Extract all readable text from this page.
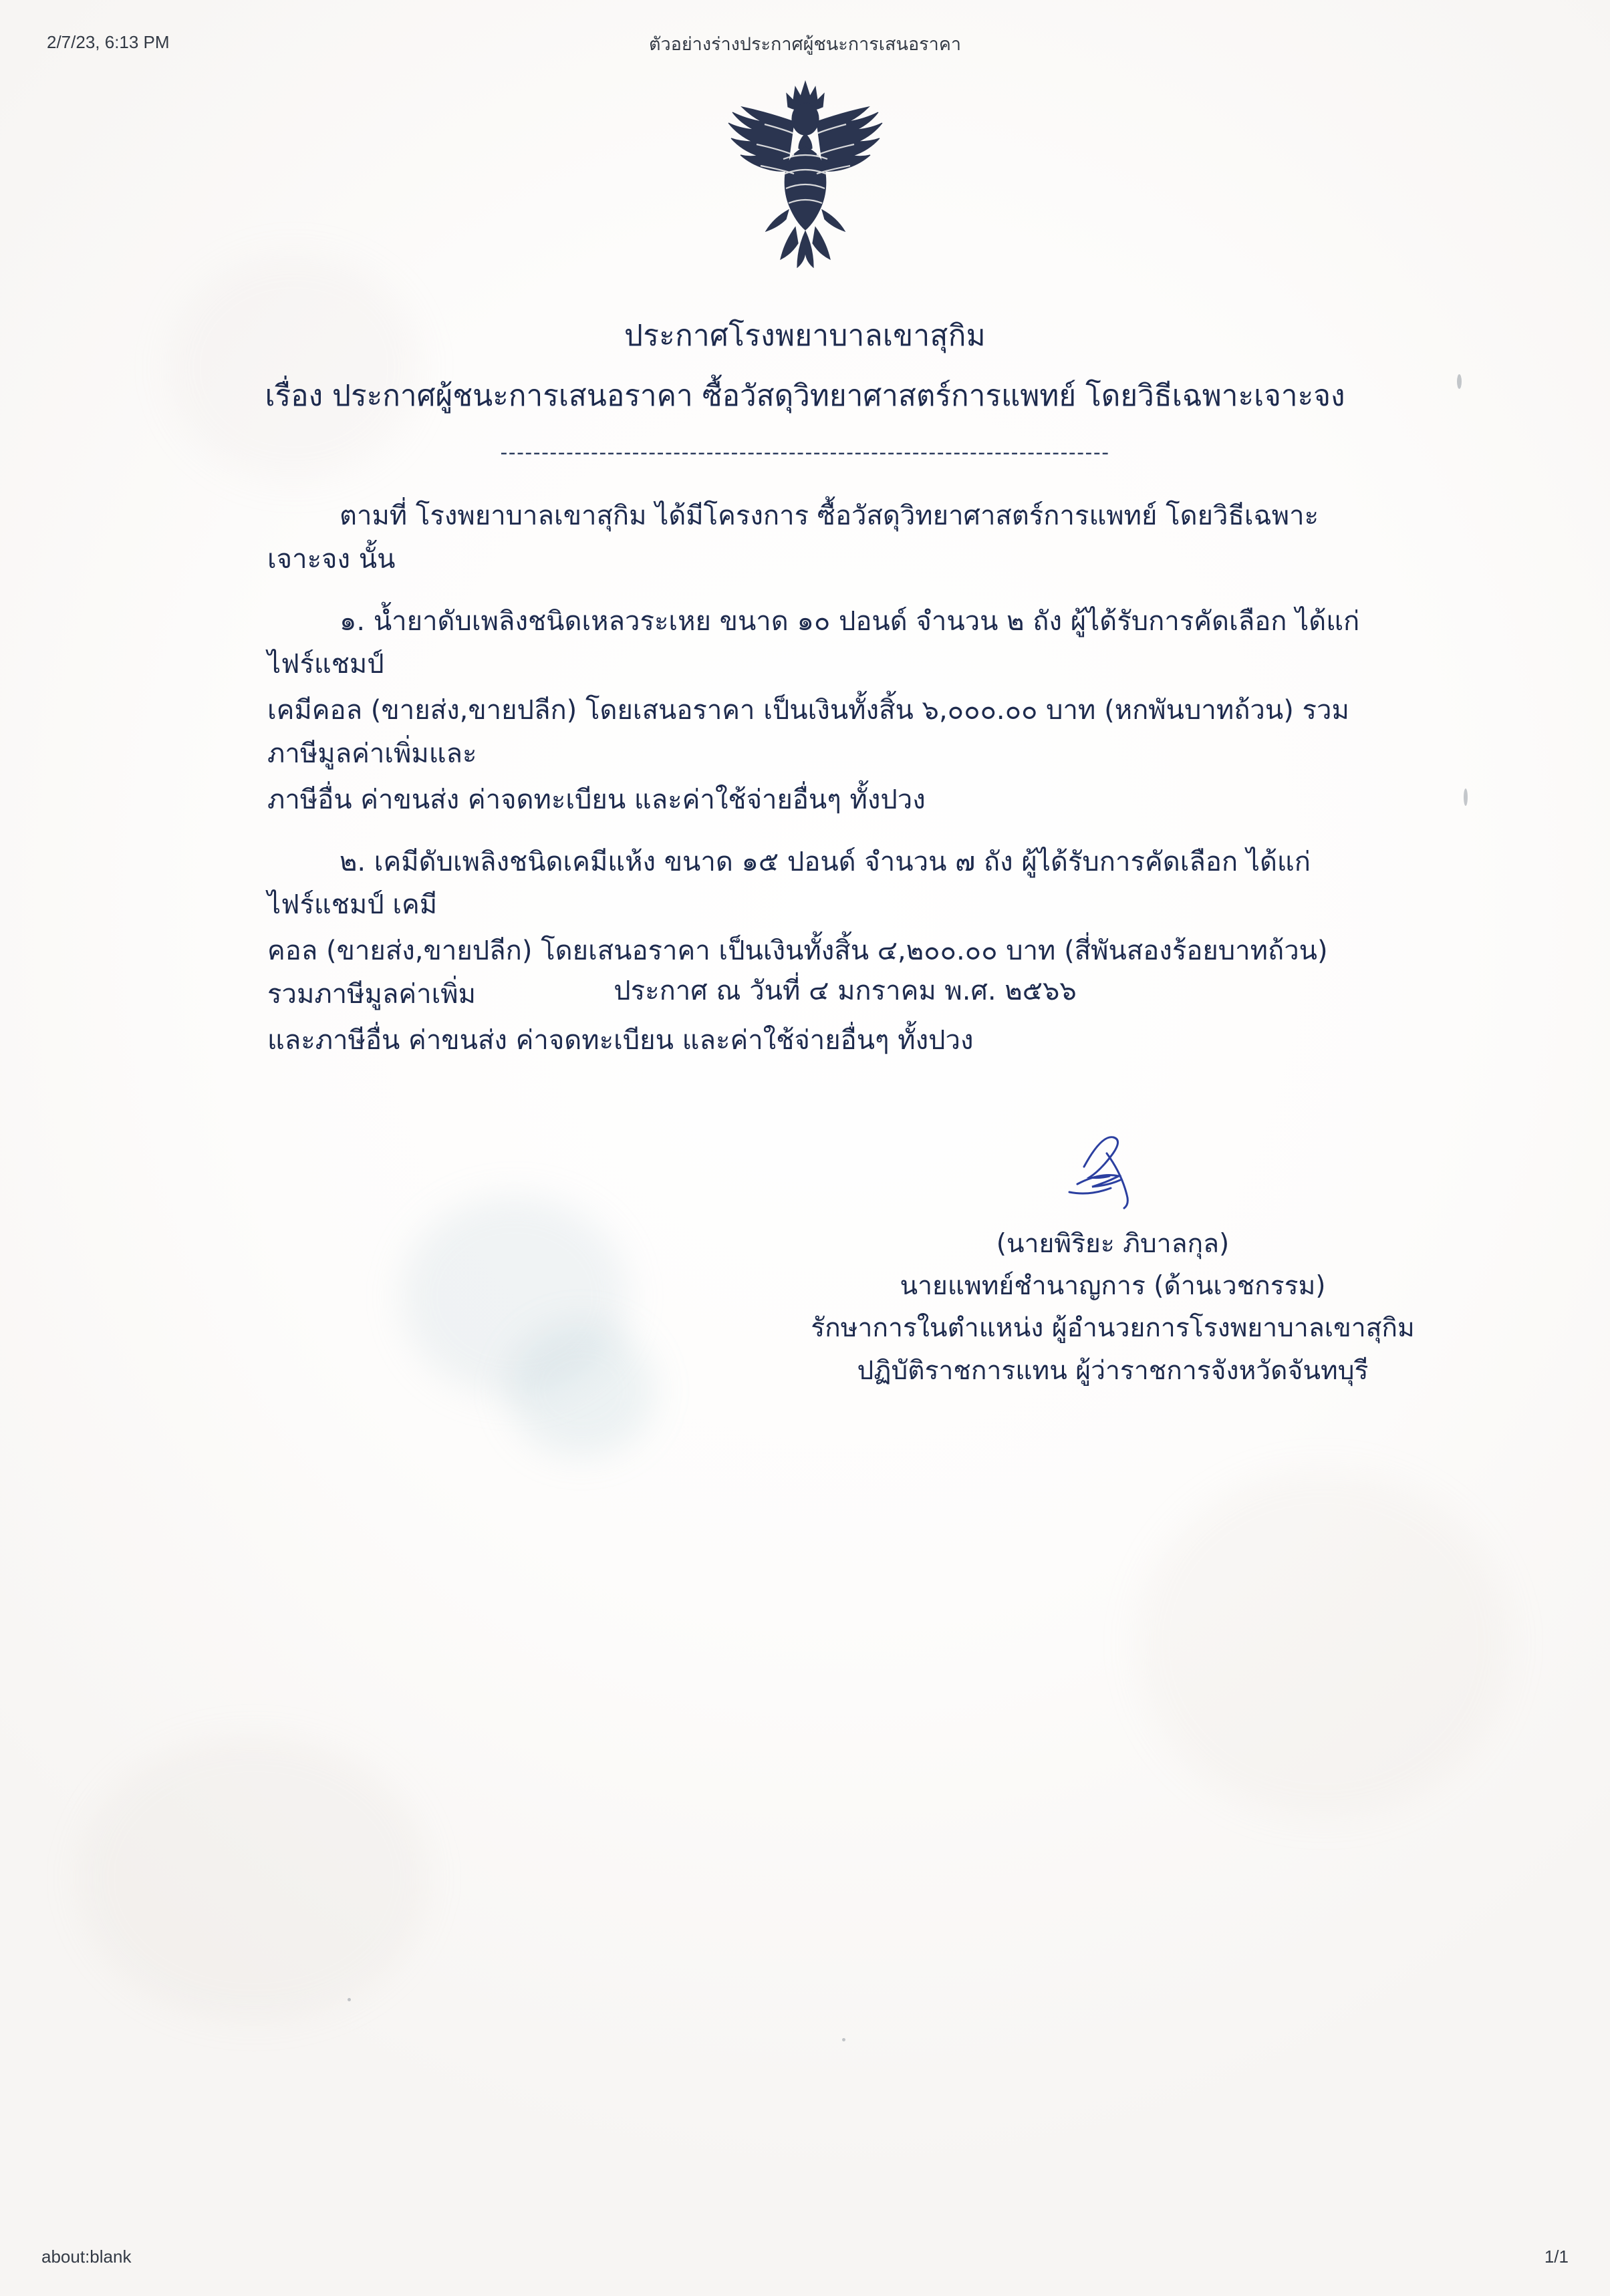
2/7/23, 6:13 PM	ตัวอย่างร่างประกาศผู้ชนะการเสนอราคา
ประกาศโรงพยาบาลเขาสุกิม
เรื่อง ประกาศผู้ชนะการเสนอราคา ซื้อวัสดุวิทยาศาสตร์การแพทย์ โดยวิธีเฉพาะเจาะจง
--------------------------------------------------------------------------

ตามที่ โรงพยาบาลเขาสุกิม ได้มีโครงการ ซื้อวัสดุวิทยาศาสตร์การแพทย์ โดยวิธีเฉพาะเจาะจง นั้น

๑. น้ำยาดับเพลิงชนิดเหลวระเหย ขนาด ๑๐ ปอนด์ จำนวน ๒ ถัง ผู้ได้รับการคัดเลือก ได้แก่ ไฟร์แชมป์

เคมีคอล (ขายส่ง,ขายปลีก) โดยเสนอราคา เป็นเงินทั้งสิ้น ๖,๐๐๐.๐๐ บาท (หกพันบาทถ้วน) รวมภาษีมูลค่าเพิ่มและ

ภาษีอื่น ค่าขนส่ง ค่าจดทะเบียน และค่าใช้จ่ายอื่นๆ ทั้งปวง

๒. เคมีดับเพลิงชนิดเคมีแห้ง ขนาด ๑๕ ปอนด์ จำนวน ๗ ถัง ผู้ได้รับการคัดเลือก ได้แก่ ไฟร์แชมป์ เคมี

คอล (ขายส่ง,ขายปลีก) โดยเสนอราคา เป็นเงินทั้งสิ้น ๔,๒๐๐.๐๐ บาท (สี่พันสองร้อยบาทถ้วน) รวมภาษีมูลค่าเพิ่ม

และภาษีอื่น ค่าขนส่ง ค่าจดทะเบียน และค่าใช้จ่ายอื่นๆ ทั้งปวง

ประกาศ ณ วันที่ ๔ มกราคม พ.ศ. ๒๕๖๖
(นายพิริยะ ภิบาลกุล)
นายแพทย์ชำนาญการ (ด้านเวชกรรม)
รักษาการในตำแหน่ง ผู้อำนวยการโรงพยาบาลเขาสุกิม
ปฏิบัติราชการแทน ผู้ว่าราชการจังหวัดจันทบุรี
about:blank	1/1
